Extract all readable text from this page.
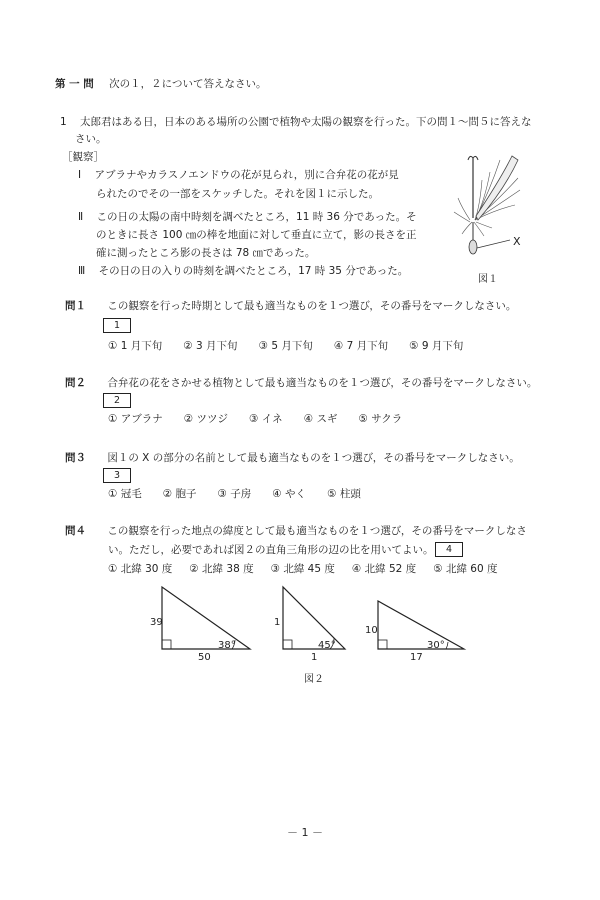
第 一 問 次の１，２について答えなさい。
1 太郎君はある日，日本のある場所の公園で植物や太陽の観察を行った。下の問１～問５に答えな
さい。
［観察］
Ⅰ アブラナやカラスノエンドウの花が見られ，別に合弁花の花が見
られたのでその一部をスケッチした。それを図１に示した。
Ⅱ この日の太陽の南中時刻を調べたところ，11 時 36 分であった。そ
のときに長さ 100 ㎝の棒を地面に対して垂直に立て，影の長さを正
確に測ったところ影の長さは 78 ㎝であった。
Ⅲ その日の日の入りの時刻を調べたところ，17 時 35 分であった。
X
図１
問１ この観察を行った時期として最も適当なものを１つ選び，その番号をマークしなさい。
1
① 1 月下旬 ② 3 月下旬 ③ 5 月下旬 ④ 7 月下旬 ⑤ 9 月下旬
問２ 合弁花の花をさかせる植物として最も適当なものを１つ選び，その番号をマークしなさい。
2
① アブラナ ② ツツジ ③ イネ ④ スギ ⑤ サクラ
問３ 図１の X の部分の名前として最も適当なものを１つ選び，その番号をマークしなさい。
3
① 冠毛 ② 胞子 ③ 子房 ④ やく ⑤ 柱頭
問４ この観察を行った地点の緯度として最も適当なものを１つ選び，その番号をマークしなさ
い。ただし，必要であれば図２の直角三角形の辺の比を用いてよい。	4
① 北緯 30 度 ② 北緯 38 度 ③ 北緯 45 度 ④ 北緯 52 度 ⑤ 北緯 60 度
39
50
38°
1
1
45°
10
17
30°
図２
－ 1 －
